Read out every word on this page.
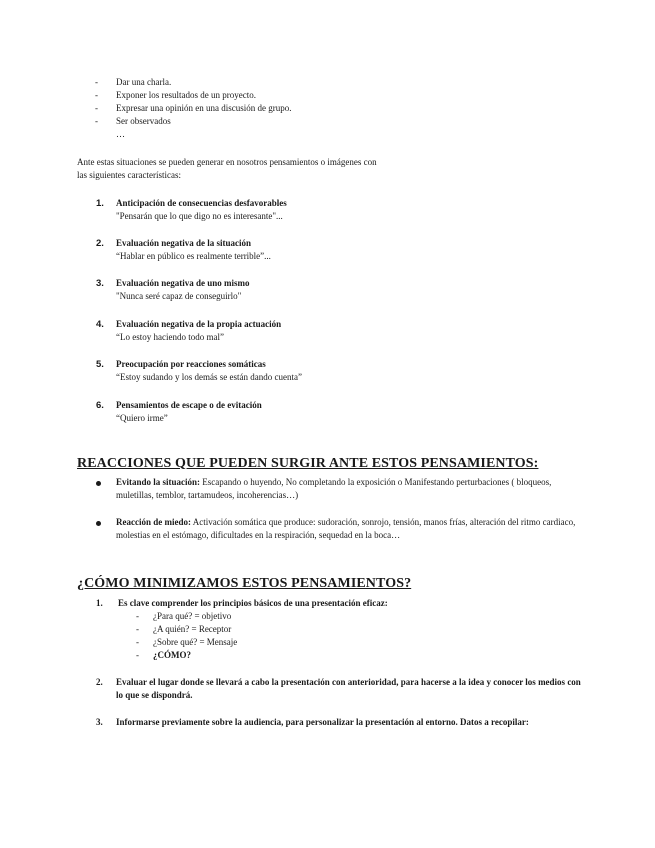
- Dar una charla.
- Exponer los resultados de un proyecto.
- Expresar una opinión en una discusión de grupo.
- Ser observados
…
Ante estas situaciones se pueden generar en nosotros pensamientos o imágenes con
las siguientes características:
1. Anticipación de consecuencias desfavorables
"Pensarán que lo que digo no es interesante"...
2. Evaluación negativa de la situación
“Hablar en público es realmente terrible”...
3. Evaluación negativa de uno mismo
"Nunca seré capaz de conseguirlo"
4. Evaluación negativa de la propia actuación
“Lo estoy haciendo todo mal”
5. Preocupación por reacciones somáticas
“Estoy sudando y los demás se están dando cuenta”
6. Pensamientos de escape o de evitación
“Quiero irme”
REACCIONES QUE PUEDEN SURGIR ANTE ESTOS PENSAMIENTOS:
Evitando la situación: Escapando o huyendo, No completando la exposición o Manifestando perturbaciones ( bloqueos, muletillas, temblor, tartamudeos, incoherencias…)
Reacción de miedo: Activación somática que produce: sudoración, sonrojo, tensión, manos frías, alteración del ritmo cardiaco, molestias en el estómago, dificultades en la respiración, sequedad en la boca…
¿CÓMO MINIMIZAMOS ESTOS PENSAMIENTOS?
1. Es clave comprender los principios básicos de una presentación eficaz:
- ¿Para qué? = objetivo
- ¿A quién? = Receptor
- ¿Sobre qué? = Mensaje
- ¿CÓMO?
2. Evaluar el lugar donde se llevará a cabo la presentación con anterioridad, para hacerse a la idea y conocer los medios con lo que se dispondrá.
3. Informarse previamente sobre la audiencia, para personalizar la presentación al entorno. Datos a recopilar:
